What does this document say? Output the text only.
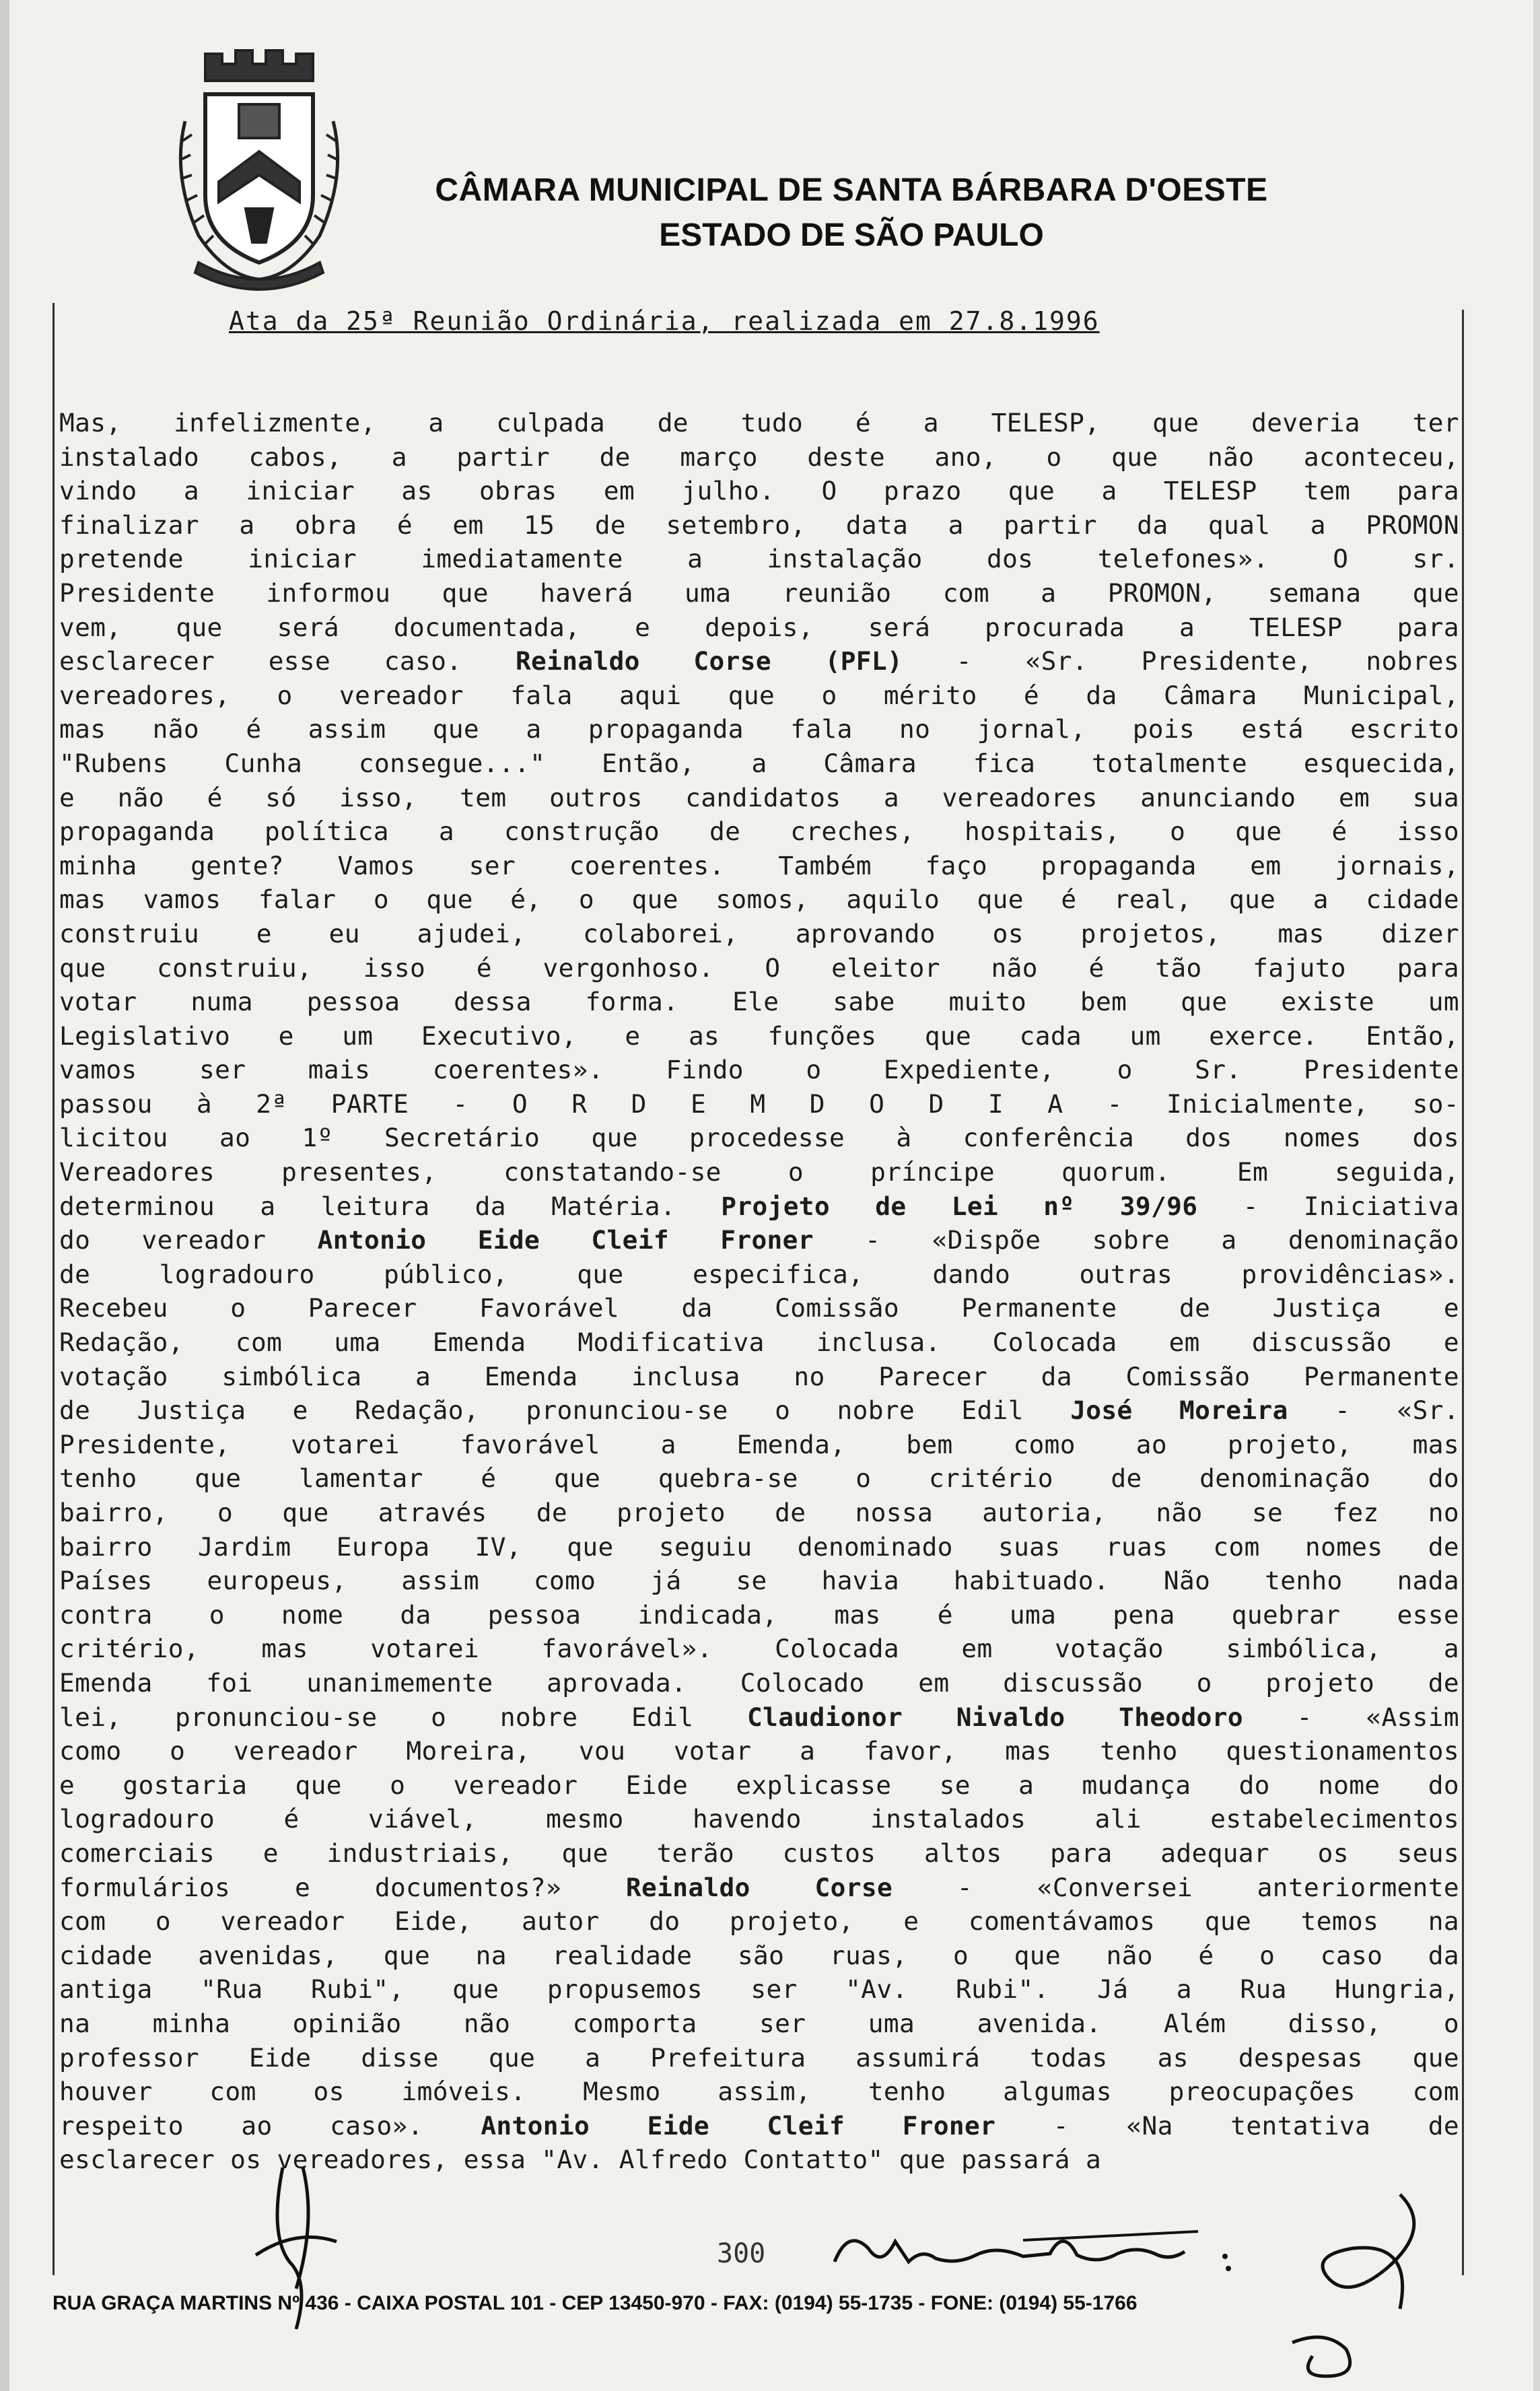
CÂMARA MUNICIPAL DE SANTA BÁRBARA D'OESTE
ESTADO DE SÃO PAULO
Ata da 25ª Reunião Ordinária, realizada em 27.8.1996
Mas, infelizmente, a culpada de tudo é a TELESP, que deveria ter
instalado cabos, a partir de março deste ano, o que não aconteceu,
vindo a iniciar as obras em julho. O prazo que a TELESP tem para
finalizar a obra é em 15 de setembro, data a partir da qual a PROMON
pretende iniciar imediatamente a instalação dos telefones». O sr.
Presidente informou que haverá uma reunião com a PROMON, semana que
vem, que será documentada, e depois, será procurada a TELESP para
esclarecer esse caso. Reinaldo Corse (PFL) - «Sr. Presidente, nobres
vereadores, o vereador fala aqui que o mérito é da Câmara Municipal,
mas não é assim que a propaganda fala no jornal, pois está escrito
"Rubens Cunha consegue..." Então, a Câmara fica totalmente esquecida,
e não é só isso, tem outros candidatos a vereadores anunciando em sua
propaganda política a construção de creches, hospitais, o que é isso
minha gente? Vamos ser coerentes. Também faço propaganda em jornais,
mas vamos falar o que é, o que somos, aquilo que é real, que a cidade
construiu e eu ajudei, colaborei, aprovando os projetos, mas dizer
que construiu, isso é vergonhoso. O eleitor não é tão fajuto para
votar numa pessoa dessa forma. Ele sabe muito bem que existe um
Legislativo e um Executivo, e as funções que cada um exerce. Então,
vamos ser mais coerentes». Findo o Expediente, o Sr. Presidente
passou à 2ª PARTE - O R D E M D O D I A - Inicialmente, so-
licitou ao 1º Secretário que procedesse à conferência dos nomes dos
Vereadores presentes, constatando-se o príncipe quorum. Em seguida,
determinou a leitura da Matéria. Projeto de Lei nº 39/96 - Iniciativa
do vereador Antonio Eide Cleif Froner - «Dispõe sobre a denominação
de logradouro público, que especifica, dando outras providências».
Recebeu o Parecer Favorável da Comissão Permanente de Justiça e
Redação, com uma Emenda Modificativa inclusa. Colocada em discussão e
votação simbólica a Emenda inclusa no Parecer da Comissão Permanente
de Justiça e Redação, pronunciou-se o nobre Edil José Moreira - «Sr.
Presidente, votarei favorável a Emenda, bem como ao projeto, mas
tenho que lamentar é que quebra-se o critério de denominação do
bairro, o que através de projeto de nossa autoria, não se fez no
bairro Jardim Europa IV, que seguiu denominado suas ruas com nomes de
Países europeus, assim como já se havia habituado. Não tenho nada
contra o nome da pessoa indicada, mas é uma pena quebrar esse
critério, mas votarei favorável». Colocada em votação simbólica, a
Emenda foi unanimemente aprovada. Colocado em discussão o projeto de
lei, pronunciou-se o nobre Edil Claudionor Nivaldo Theodoro - «Assim
como o vereador Moreira, vou votar a favor, mas tenho questionamentos
e gostaria que o vereador Eide explicasse se a mudança do nome do
logradouro é viável, mesmo havendo instalados ali estabelecimentos
comerciais e industriais, que terão custos altos para adequar os seus
formulários e documentos?» Reinaldo Corse - «Conversei anteriormente
com o vereador Eide, autor do projeto, e comentávamos que temos na
cidade avenidas, que na realidade são ruas, o que não é o caso da
antiga "Rua Rubi", que propusemos ser "Av. Rubi". Já a Rua Hungria,
na minha opinião não comporta ser uma avenida. Além disso, o
professor Eide disse que a Prefeitura assumirá todas as despesas que
houver com os imóveis. Mesmo assim, tenho algumas preocupações com
respeito ao caso». Antonio Eide Cleif Froner - «Na tentativa de
esclarecer os vereadores, essa "Av. Alfredo Contatto" que passará a
300
RUA GRAÇA MARTINS Nº 436 - CAIXA POSTAL 101 - CEP 13450-970 - FAX: (0194) 55-1735 - FONE: (0194) 55-1766
